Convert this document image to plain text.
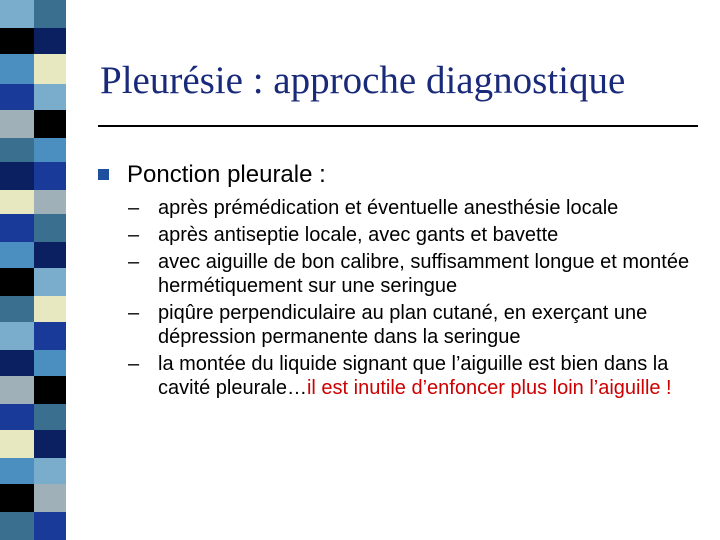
Pleurésie : approche diagnostique
Ponction pleurale :
– après prémédication et éventuelle anesthésie locale
– après antiseptie locale, avec gants et bavette
– avec aiguille de bon calibre, suffisamment longue et montée hermétiquement sur une seringue
– piqûre perpendiculaire au plan cutané, en exerçant une dépression permanente dans la seringue
– la montée du liquide signant que l’aiguille est bien dans la cavité pleurale…il est inutile d’enfoncer plus loin l’aiguille !
